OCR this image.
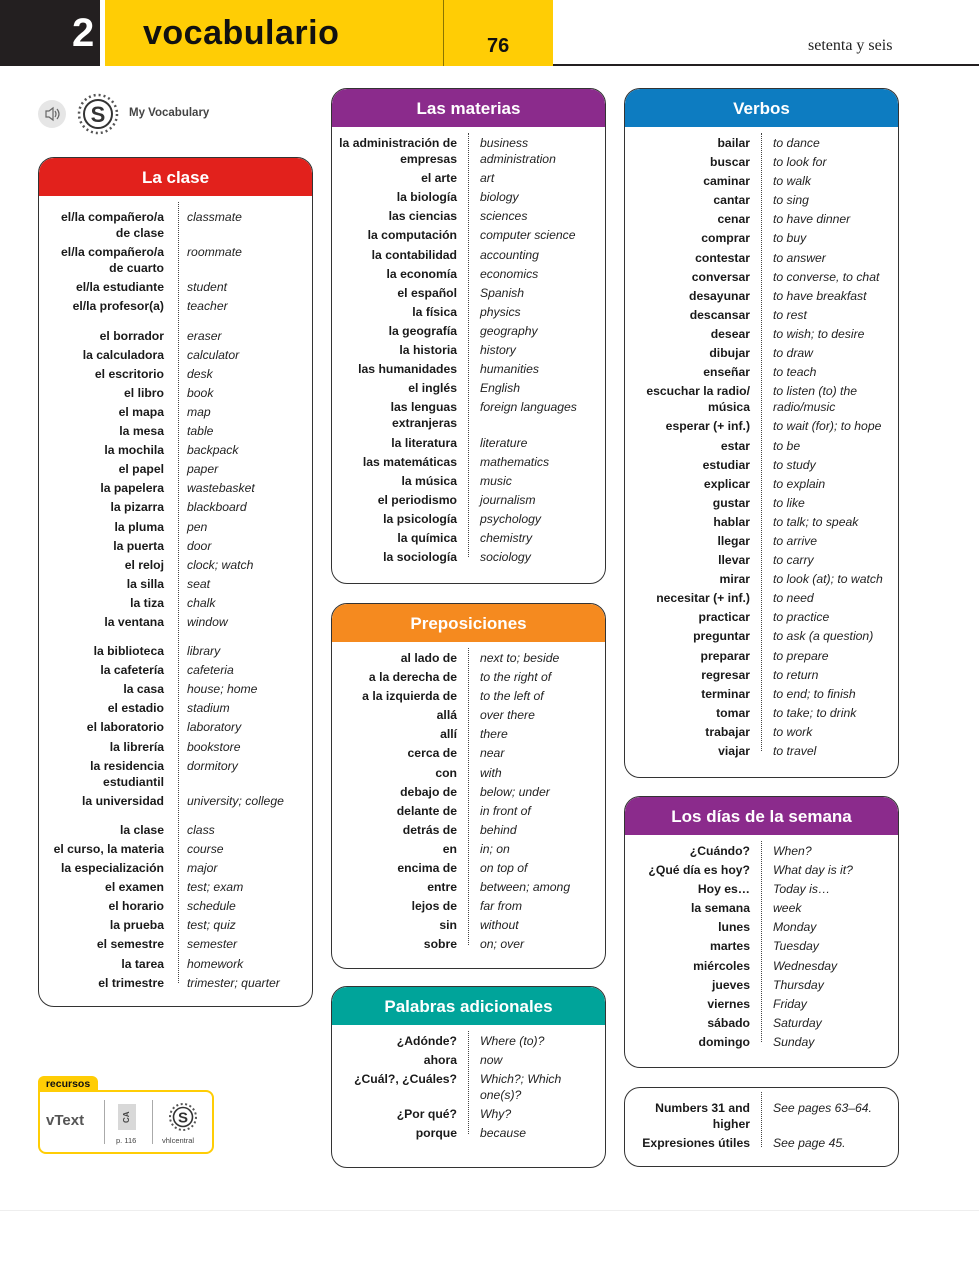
2 vocabulario	76	setenta y seis
S My Vocabulary
La clase
el/la compañero/a de clase		classmate
el/la compañero/a de cuarto		roommate
el/la estudiante		student
el/la profesor(a)		teacher
el borrador		eraser
la calculadora		calculator
el escritorio		desk
el libro		book
el mapa		map
la mesa		table
la mochila		backpack
el papel		paper
la papelera		wastebasket
la pizarra		blackboard
la pluma		pen
la puerta		door
el reloj		clock; watch
la silla		seat
la tiza		chalk
la ventana		window
la biblioteca		library
la cafetería		cafeteria
la casa		house; home
el estadio		stadium
el laboratorio		laboratory
la librería		bookstore
la residencia estudiantil		dormitory
la universidad		university; college
la clase		class
el curso, la materia		course
la especialización		major
el examen		test; exam
el horario		schedule
la prueba		test; quiz
el semestre		semester
la tarea		homework
el trimestre		trimester; quarter
Las materias
la administración de empresas		business administration
el arte		art
la biología		biology
las ciencias		sciences
la computación		computer science
la contabilidad		accounting
la economía		economics
el español		Spanish
la física		physics
la geografía		geography
la historia		history
las humanidades		humanities
el inglés		English
las lenguas extranjeras		foreign languages
la literatura		literature
las matemáticas		mathematics
la música		music
el periodismo		journalism
la psicología		psychology
la química		chemistry
la sociología		sociology
Preposiciones
al lado de		next to; beside
a la derecha de		to the right of
a la izquierda de		to the left of
allá		over there
allí		there
cerca de		near
con		with
debajo de		below; under
delante de		in front of
detrás de		behind
en		in; on
encima de		on top of
entre		between; among
lejos de		far from
sin		without
sobre		on; over
Palabras adicionales
¿Adónde?		Where (to)?
ahora		now
¿Cuál?, ¿Cuáles?		Which?; Which one(s)?
¿Por qué?		Why?
porque		because
Verbos
bailar		to dance
buscar		to look for
caminar		to walk
cantar		to sing
cenar		to have dinner
comprar		to buy
contestar		to answer
conversar		to converse, to chat
desayunar		to have breakfast
descansar		to rest
desear		to wish; to desire
dibujar		to draw
enseñar		to teach
escuchar la radio/ música		to listen (to) the radio/music
esperar (+ inf.)		to wait (for); to hope
estar		to be
estudiar		to study
explicar		to explain
gustar		to like
hablar		to talk; to speak
llegar		to arrive
llevar		to carry
mirar		to look (at); to watch
necesitar (+ inf.)		to need
practicar		to practice
preguntar		to ask (a question)
preparar		to prepare
regresar		to return
terminar		to end; to finish
tomar		to take; to drink
trabajar		to work
viajar		to travel
Los días de la semana
¿Cuándo?		When?
¿Qué día es hoy?		What day is it?
Hoy es…		Today is…
la semana		week
lunes		Monday
martes		Tuesday
miércoles		Wednesday
jueves		Thursday
viernes		Friday
sábado		Saturday
domingo		Sunday
Numbers 31 and higher		See pages 63–64.
Expresiones útiles		See page 45.
recursos
vText	CA
p. 116
S
vhlcentral
